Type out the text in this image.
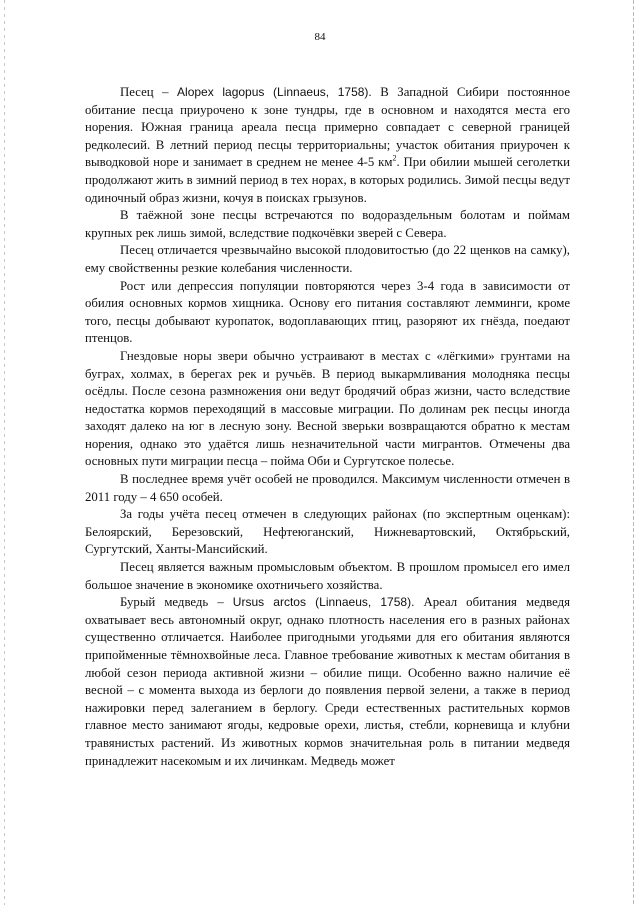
84

Песец – Alopex lagopus (Linnaeus, 1758). В Западной Сибири постоянное обитание песца приурочено к зоне тундры, где в основном и находятся места его норения. Южная граница ареала песца примерно совпадает с северной границей редколесий. В летний период песцы территориальны; участок обитания приурочен к выводковой норе и занимает в среднем не менее 4-5 $км^2$. При обилии мышей сеголетки продолжают жить в зимний период в тех норах, в которых родились. Зимой песцы ведут одиночный образ жизни, кочуя в поисках грызунов.

В таёжной зоне песцы встречаются по водораздельным болотам и поймам крупных рек лишь зимой, вследствие подкочёвки зверей с Севера.

Песец отличается чрезвычайно высокой плодовитостью (до 22 щенков на самку), ему свойственны резкие колебания численности.

Рост или депрессия популяции повторяются через 3-4 года в зависимости от обилия основных кормов хищника. Основу его питания составляют лемминги, кроме того, песцы добывают куропаток, водоплавающих птиц, разоряют их гнёзда, поедают птенцов.

Гнездовые норы звери обычно устраивают в местах с «лёгкими» грунтами на буграх, холмах, в берегах рек и ручьёв. В период выкармливания молодняка песцы осёдлы. После сезона размножения они ведут бродячий образ жизни, часто вследствие недостатка кормов переходящий в массовые миграции. По долинам рек песцы иногда заходят далеко на юг в лесную зону. Весной зверьки возвращаются обратно к местам норения, однако это удаётся лишь незначительной части мигрантов. Отмечены два основных пути миграции песца – пойма Оби и Сургутское полесье.

В последнее время учёт особей не проводился. Максимум численности отмечен в 2011 году – 4 650 особей.

За годы учёта песец отмечен в следующих районах (по экспертным оценкам): Белоярский, Березовский, Нефтеюганский, Нижневартовский, Октябрьский, Сургутский, Ханты-Мансийский.

Песец является важным промысловым объектом. В прошлом промысел его имел большое значение в экономике охотничьего хозяйства.

Бурый медведь – Ursus arctos (Linnaeus, 1758). Ареал обитания медведя охватывает весь автономный округ, однако плотность населения его в разных районах существенно отличается. Наиболее пригодными угодьями для его обитания являются припойменные тёмнохвойные леса. Главное требование животных к местам обитания в любой сезон периода активной жизни – обилие пищи. Особенно важно наличие её весной – с момента выхода из берлоги до появления первой зелени, а также в период нажировки перед залеганием в берлогу. Среди естественных растительных кормов главное место занимают ягоды, кедровые орехи, листья, стебли, корневища и клубни травянистых растений. Из животных кормов значительная роль в питании медведя принадлежит насекомым и их личинкам. Медведь может
